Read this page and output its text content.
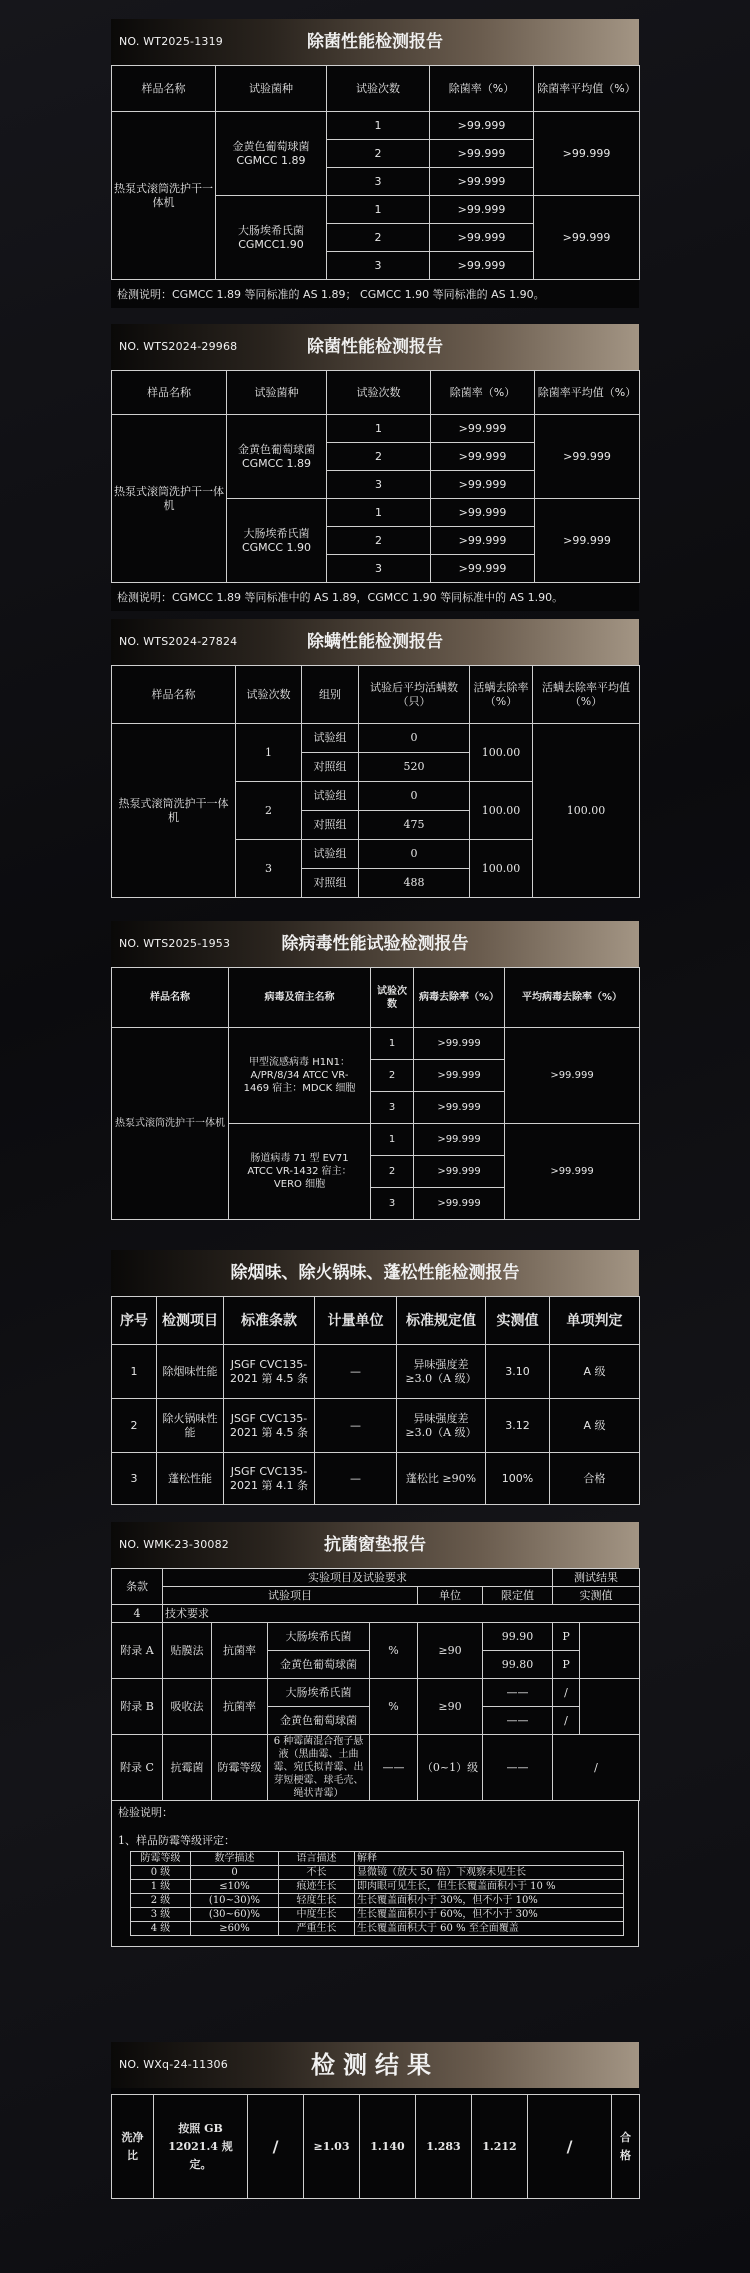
NO. WT2025-1319	除菌性能检测报告
样品名称	试验菌种	试验次数	除菌率（%）	除菌率平均值（%）
热泵式滚筒洗护干一体机	金黄色葡萄球菌 CGMCC 1.89	1	>99.999	>99.999
		2	>99.999	
		3	>99.999	
	大肠埃希氏菌 CGMCC1.90	1	>99.999	>99.999
		2	>99.999	
		3	>99.999	
检测说明：CGMCC 1.89 等同标准的 AS 1.89； CGMCC 1.90 等同标准的 AS 1.90。
NO. WTS2024-29968	除菌性能检测报告
样品名称	试验菌种	试验次数	除菌率（%）	除菌率平均值（%）
热泵式滚筒洗护干一体机	金黄色葡萄球菌 CGMCC 1.89	1	>99.999	>99.999
		2	>99.999	
		3	>99.999	
	大肠埃希氏菌 CGMCC 1.90	1	>99.999	>99.999
		2	>99.999	
		3	>99.999	
检测说明：CGMCC 1.89 等同标准中的 AS 1.89，CGMCC 1.90 等同标准中的 AS 1.90。
NO. WTS2024-27824	除螨性能检测报告
样品名称	试验次数	组别	试验后平均活螨数（只）	活螨去除率（%）	活螨去除率平均值（%）
热泵式滚筒洗护干一体机	1	试验组	0	100.00	100.00
		对照组	520		
	2	试验组	0	100.00	
		对照组	475		
	3	试验组	0	100.00	
		对照组	488		
NO. WTS2025-1953	除病毒性能试验检测报告
样品名称	病毒及宿主名称	试验次数	病毒去除率（%）	平均病毒去除率（%）
热泵式滚筒洗护干一体机	甲型流感病毒 H1N1：A/PR/8/34 ATCC VR-1469 宿主：MDCK 细胞	1	>99.999	>99.999
		2	>99.999	
		3	>99.999	
	肠道病毒 71 型 EV71 ATCC VR-1432 宿主：VERO 细胞	1	>99.999	>99.999
		2	>99.999	
		3	>99.999	
除烟味、除火锅味、蓬松性能检测报告
序号	检测项目	标准条款	计量单位	标准规定值	实测值	单项判定
1	除烟味性能	JSGF CVC135-2021 第 4.5 条	—	异味强度差 ≥3.0（A 级）	3.10	A 级
2	除火锅味性能	JSGF CVC135-2021 第 4.5 条	—	异味强度差 ≥3.0（A 级）	3.12	A 级
3	蓬松性能	JSGF CVC135-2021 第 4.1 条	—	蓬松比 ≥90%	100%	合格
NO. WMK-23-30082	抗菌窗垫报告
条款	实验项目及试验要求						测试结果	
	试验项目				单位	限定值	实测值	
4	技术要求							
附录 A	贴膜法	抗菌率	大肠埃希氏菌	%	≥90	99.90	P	
			金黄色葡萄球菌			99.80	P	
附录 B	吸收法	抗菌率	大肠埃希氏菌	%	≥90	——	/	
			金黄色葡萄球菌			——	/	
附录 C	抗霉菌	防霉等级	6 种霉菌混合孢子悬液（黑曲霉、土曲霉、宛氏拟青霉、出芽短梗霉、球毛壳、绳状青霉）	——	（0~1）级	——	/	
检验说明：
1、样品防霉等级评定：
防霉等级	数学描述	语言描述	解释
0 级	0	不长	显微镜（放大 50 倍）下观察未见生长
1 级	≤10%	痕迹生长	即肉眼可见生长，但生长覆盖面积小于 10 %
2 级	(10~30)%	轻度生长	生长覆盖面积小于 30%，但不小于 10%
3 级	(30~60)%	中度生长	生长覆盖面积小于 60%，但不小于 30%
4 级	≥60%	严重生长	生长覆盖面积大于 60 % 至全面覆盖
NO. WXq-24-11306	检测结果
洗净比	按照 GB 12021.4 规定。	/	≥1.03	1.140	1.283	1.212	/	合格
